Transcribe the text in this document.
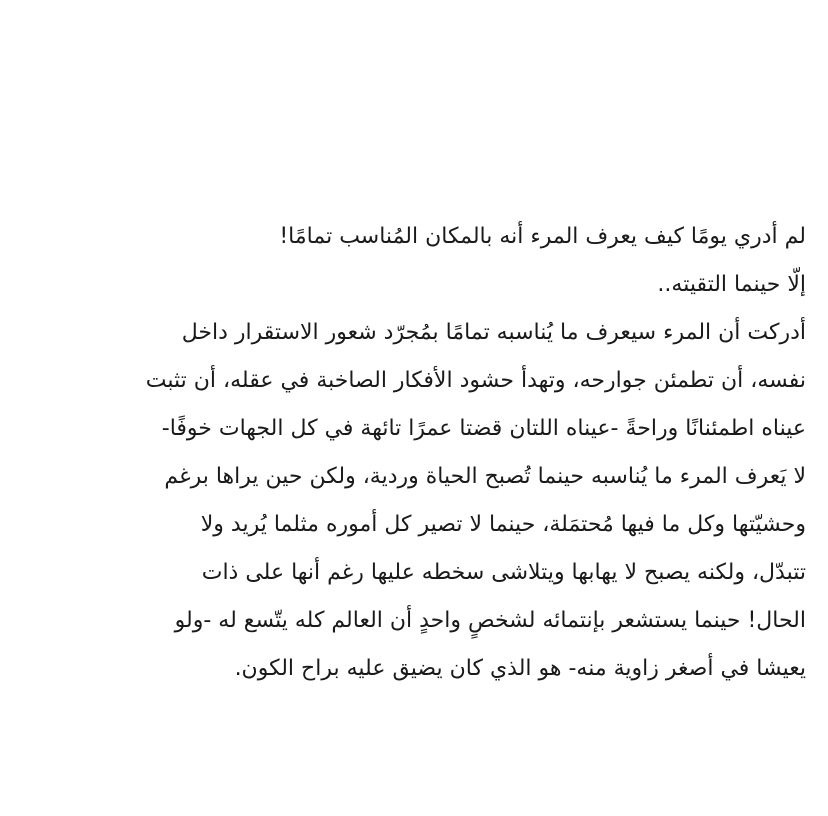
لم أدري يومًا كيف يعرف المرء أنه بالمكان المُناسب تمامًا!
إلّا حينما التقيته..
أدركت أن المرء سيعرف ما يُناسبه تمامًا بمُجرّد شعور الاستقرار داخل
نفسه، أن تطمئن جوارحه، وتهدأ حشود الأفكار الصاخبة في عقله، أن تثبت
عيناه اطمئنانًا وراحةً -عيناه اللتان قضتا عمرًا تائهة في كل الجهات خوفًا-
لا يَعرف المرء ما يُناسبه حينما تُصبح الحياة وردية، ولكن حين يراها برغم
وحشيّتها وكل ما فيها مُحتمَلة، حينما لا تصير كل أموره مثلما يُريد ولا
تتبدّل، ولكنه يصبح لا يهابها ويتلاشى سخطه عليها رغم أنها على ذات
الحال! حينما يستشعر بإنتمائه لشخصٍ واحدٍ أن العالم كله يتّسع له -ولو
يعيشا في أصغر زاوية منه- هو الذي كان يضيق عليه براح الكون.
